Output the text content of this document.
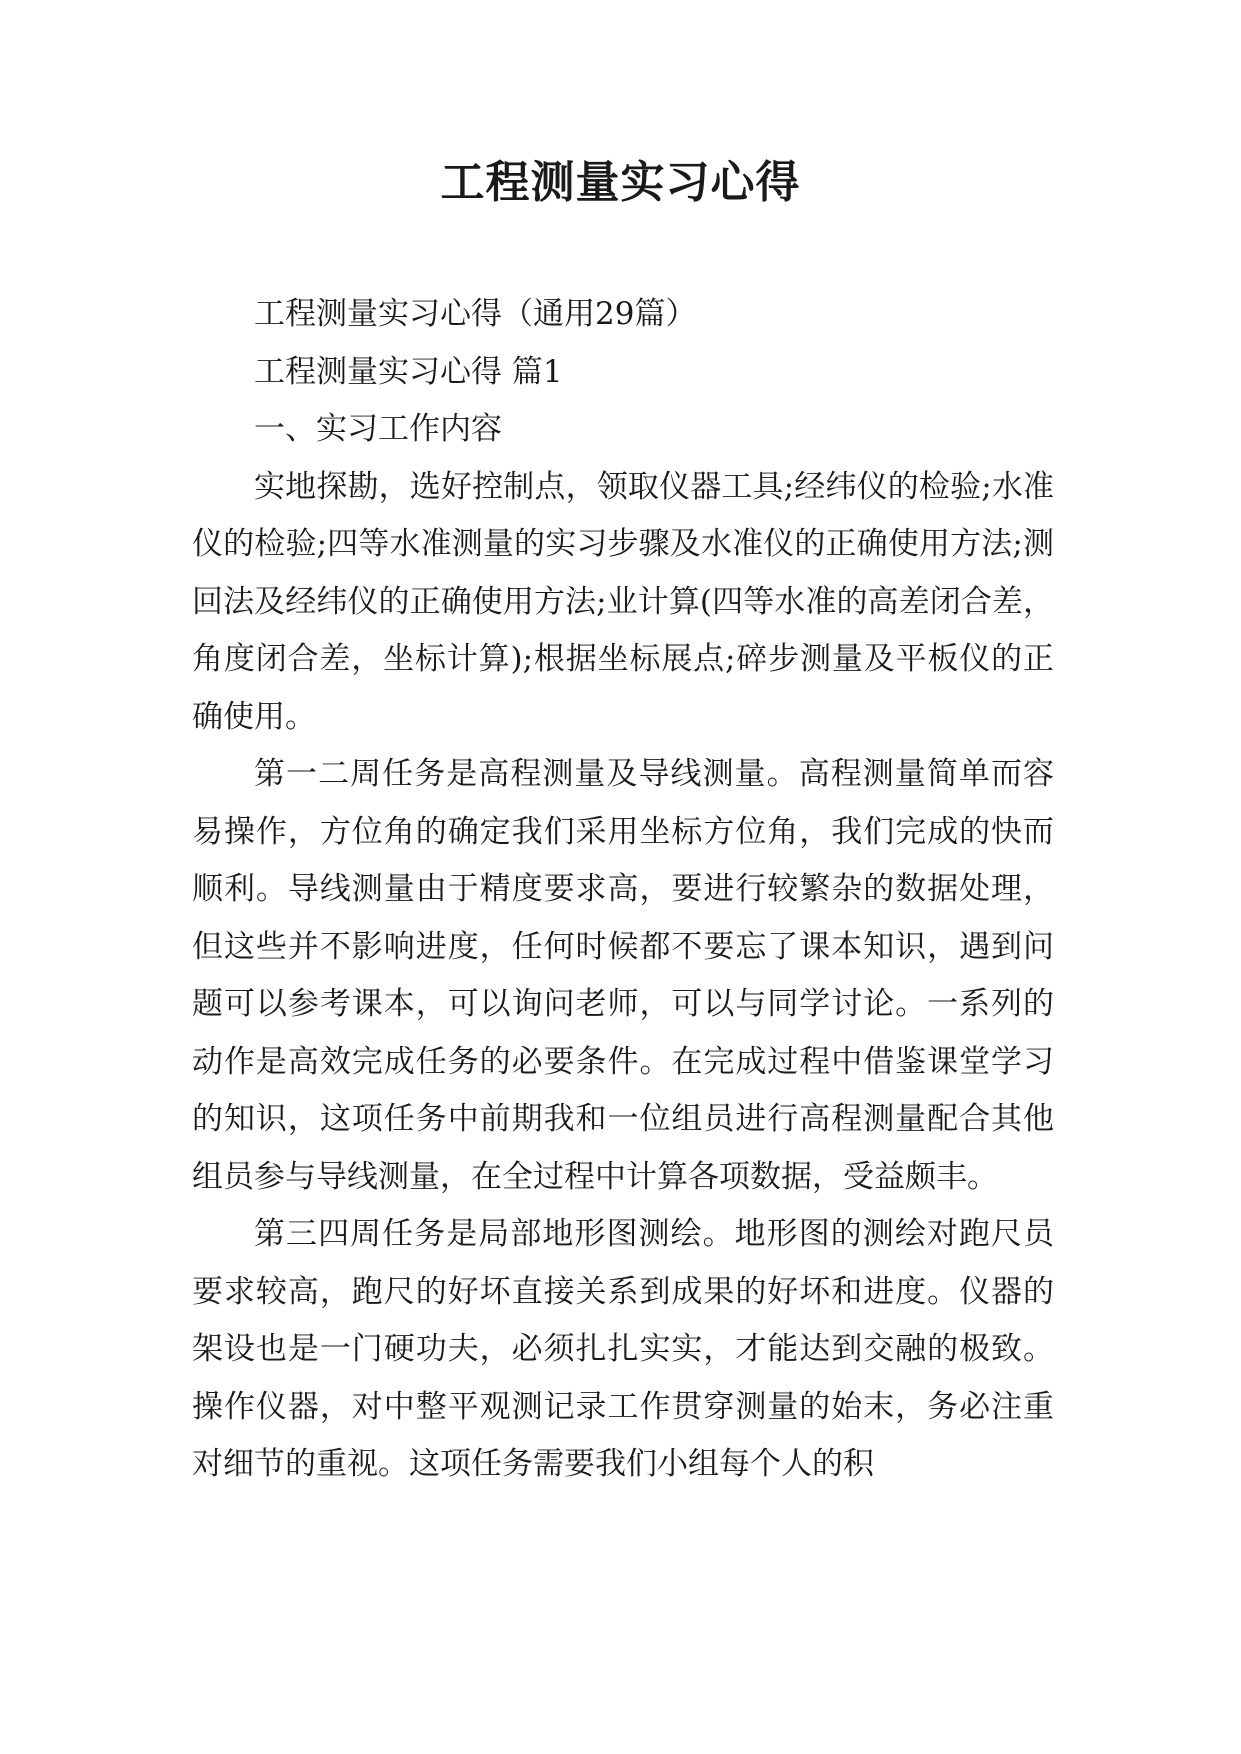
工程测量实习心得

工程测量实习心得（通用29篇）

工程测量实习心得 篇1

一、实习工作内容

实地探勘，选好控制点，领取仪器工具;经纬仪的检验;水准仪的检验;四等水准测量的实习步骤及水准仪的正确使用方法;测回法及经纬仪的正确使用方法;业计算(四等水准的高差闭合差，角度闭合差，坐标计算);根据坐标展点;碎步测量及平板仪的正确使用。

第一二周任务是高程测量及导线测量。高程测量简单而容易操作，方位角的确定我们采用坐标方位角，我们完成的快而顺利。导线测量由于精度要求高，要进行较繁杂的数据处理，但这些并不影响进度，任何时候都不要忘了课本知识，遇到问题可以参考课本，可以询问老师，可以与同学讨论。一系列的动作是高效完成任务的必要条件。在完成过程中借鉴课堂学习的知识，这项任务中前期我和一位组员进行高程测量配合其他组员参与导线测量，在全过程中计算各项数据，受益颇丰。

第三四周任务是局部地形图测绘。地形图的测绘对跑尺员要求较高，跑尺的好坏直接关系到成果的好坏和进度。仪器的架设也是一门硬功夫，必须扎扎实实，才能达到交融的极致。操作仪器，对中整平观测记录工作贯穿测量的始末，务必注重对细节的重视。这项任务需要我们小组每个人的积
